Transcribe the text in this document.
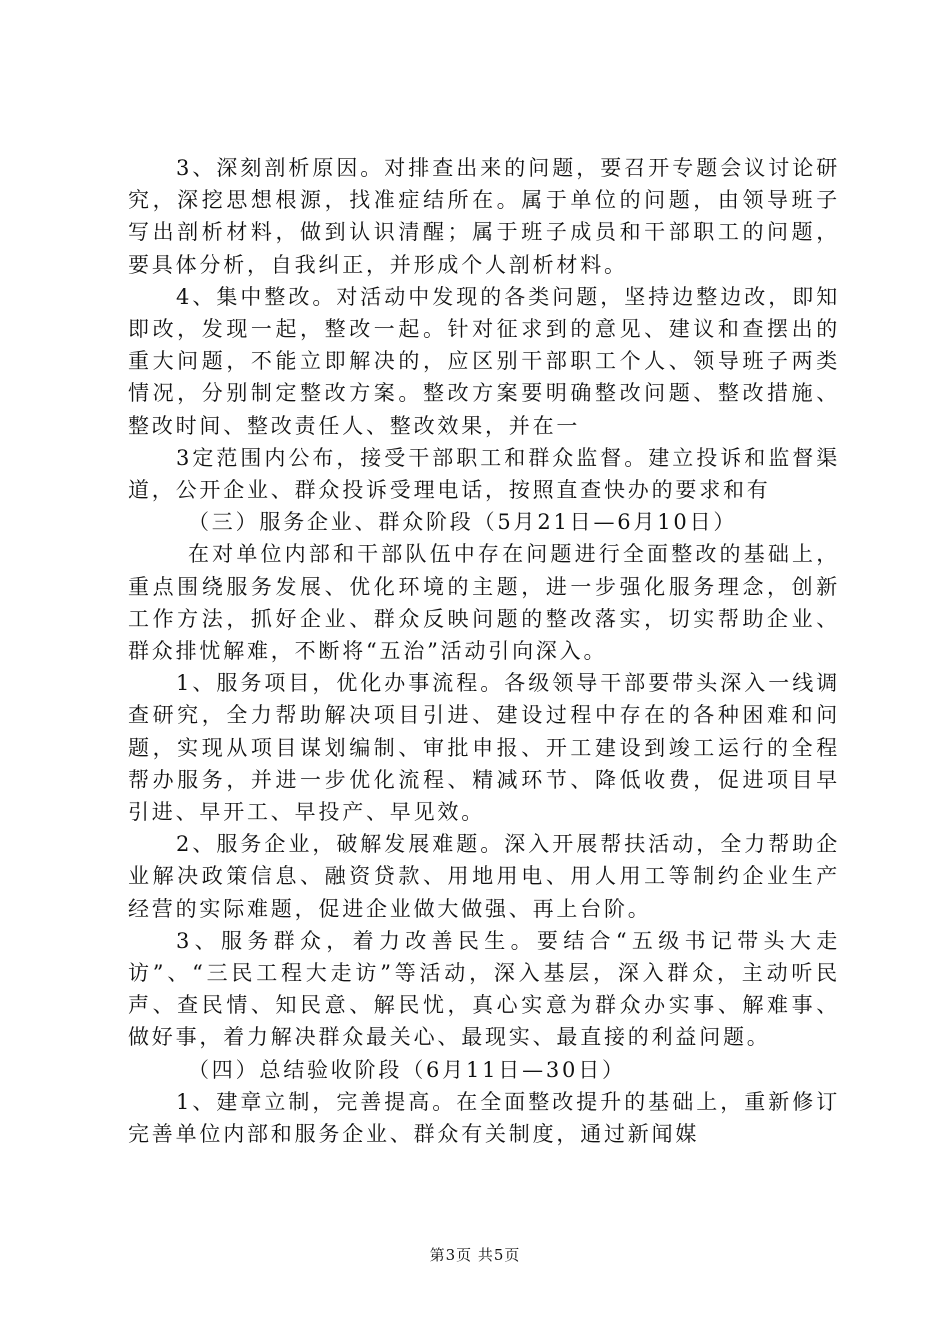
3、深刻剖析原因。对排查出来的问题，要召开专题会议讨论研究，深挖思想根源，找准症结所在。属于单位的问题，由领导班子写出剖析材料，做到认识清醒；属于班子成员和干部职工的问题，要具体分析，自我纠正，并形成个人剖析材料。

4、集中整改。对活动中发现的各类问题，坚持边整边改，即知即改，发现一起，整改一起。针对征求到的意见、建议和查摆出的重大问题，不能立即解决的，应区别干部职工个人、领导班子两类情况，分别制定整改方案。整改方案要明确整改问题、整改措施、整改时间、整改责任人、整改效果，并在一

3定范围内公布，接受干部职工和群众监督。建立投诉和监督渠道，公开企业、群众投诉受理电话，按照直查快办的要求和有

（三）服务企业、群众阶段（5月21日—6月10日）

在对单位内部和干部队伍中存在问题进行全面整改的基础上，重点围绕服务发展、优化环境的主题，进一步强化服务理念，创新工作方法，抓好企业、群众反映问题的整改落实，切实帮助企业、群众排忧解难，不断将“五治”活动引向深入。

1、服务项目，优化办事流程。各级领导干部要带头深入一线调查研究，全力帮助解决项目引进、建设过程中存在的各种困难和问题，实现从项目谋划编制、审批申报、开工建设到竣工运行的全程帮办服务，并进一步优化流程、精减环节、降低收费，促进项目早引进、早开工、早投产、早见效。

2、服务企业，破解发展难题。深入开展帮扶活动，全力帮助企业解决政策信息、融资贷款、用地用电、用人用工等制约企业生产经营的实际难题，促进企业做大做强、再上台阶。

3、服务群众，着力改善民生。要结合“五级书记带头大走访”、“三民工程大走访”等活动，深入基层，深入群众，主动听民声、查民情、知民意、解民忧，真心实意为群众办实事、解难事、做好事，着力解决群众最关心、最现实、最直接的利益问题。

（四）总结验收阶段（6月11日—30日）

1、建章立制，完善提高。在全面整改提升的基础上，重新修订完善单位内部和服务企业、群众有关制度，通过新闻媒

第3页 共5页
